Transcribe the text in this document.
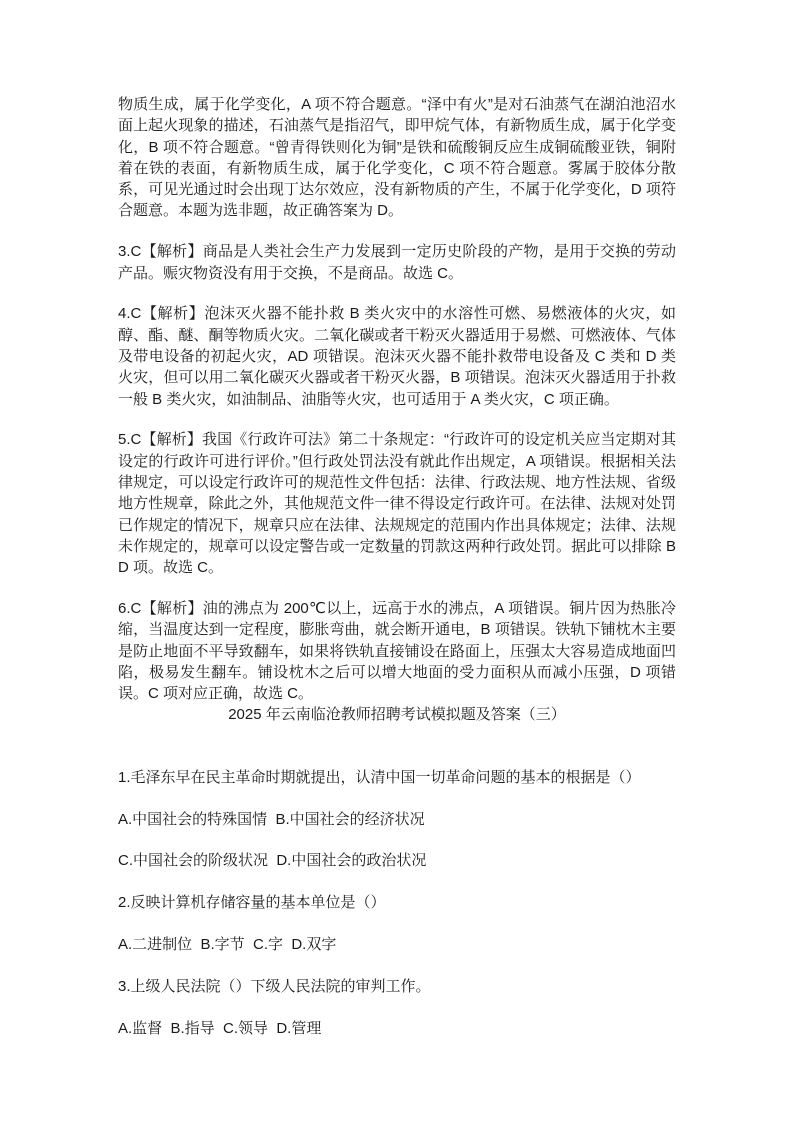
物质生成，属于化学变化，A 项不符合题意。“泽中有火”是对石油蒸气在湖泊池沼水面上起火现象的描述，石油蒸气是指沼气，即甲烷气体，有新物质生成，属于化学变化，B 项不符合题意。“曾青得铁则化为铜”是铁和硫酸铜反应生成铜硫酸亚铁，铜附着在铁的表面，有新物质生成，属于化学变化，C 项不符合题意。雾属于胶体分散系，可见光通过时会出现丁达尔效应，没有新物质的产生，不属于化学变化，D 项符合题意。本题为选非题，故正确答案为 D。

3.C【解析】商品是人类社会生产力发展到一定历史阶段的产物，是用于交换的劳动产品。赈灾物资没有用于交换，不是商品。故选 C。

4.C【解析】泡沫灭火器不能扑救 B 类火灾中的水溶性可燃、易燃液体的火灾，如醇、酯、醚、酮等物质火灾。二氧化碳或者干粉灭火器适用于易燃、可燃液体、气体及带电设备的初起火灾，AD 项错误。泡沫灭火器不能扑救带电设备及 C 类和 D 类火灾，但可以用二氧化碳灭火器或者干粉灭火器，B 项错误。泡沫灭火器适用于扑救一般 B 类火灾，如油制品、油脂等火灾，也可适用于 A 类火灾，C 项正确。

5.C【解析】我国《行政许可法》第二十条规定：“行政许可的设定机关应当定期对其设定的行政许可进行评价。”但行政处罚法没有就此作出规定，A 项错误。根据相关法律规定，可以设定行政许可的规范性文件包括：法律、行政法规、地方性法规、省级地方性规章，除此之外，其他规范文件一律不得设定行政许可。在法律、法规对处罚已作规定的情况下，规章只应在法律、法规规定的范围内作出具体规定；法律、法规未作规定的，规章可以设定警告或一定数量的罚款这两种行政处罚。据此可以排除 BD 项。故选 C。

6.C【解析】油的沸点为 200℃以上，远高于水的沸点，A 项错误。铜片因为热胀冷缩，当温度达到一定程度，膨胀弯曲，就会断开通电，B 项错误。铁轨下铺枕木主要是防止地面不平导致翻车，如果将铁轨直接铺设在路面上，压强太大容易造成地面凹陷，极易发生翻车。铺设枕木之后可以增大地面的受力面积从而减小压强，D 项错误。C 项对应正确，故选 C。

2025 年云南临沧教师招聘考试模拟题及答案（三）

1.毛泽东早在民主革命时期就提出，认清中国一切革命问题的基本的根据是（）

A.中国社会的特殊国情  B.中国社会的经济状况

C.中国社会的阶级状况  D.中国社会的政治状况

2.反映计算机存储容量的基本单位是（）

A.二进制位  B.字节  C.字  D.双字

3.上级人民法院（）下级人民法院的审判工作。

A.监督  B.指导  C.领导  D.管理
